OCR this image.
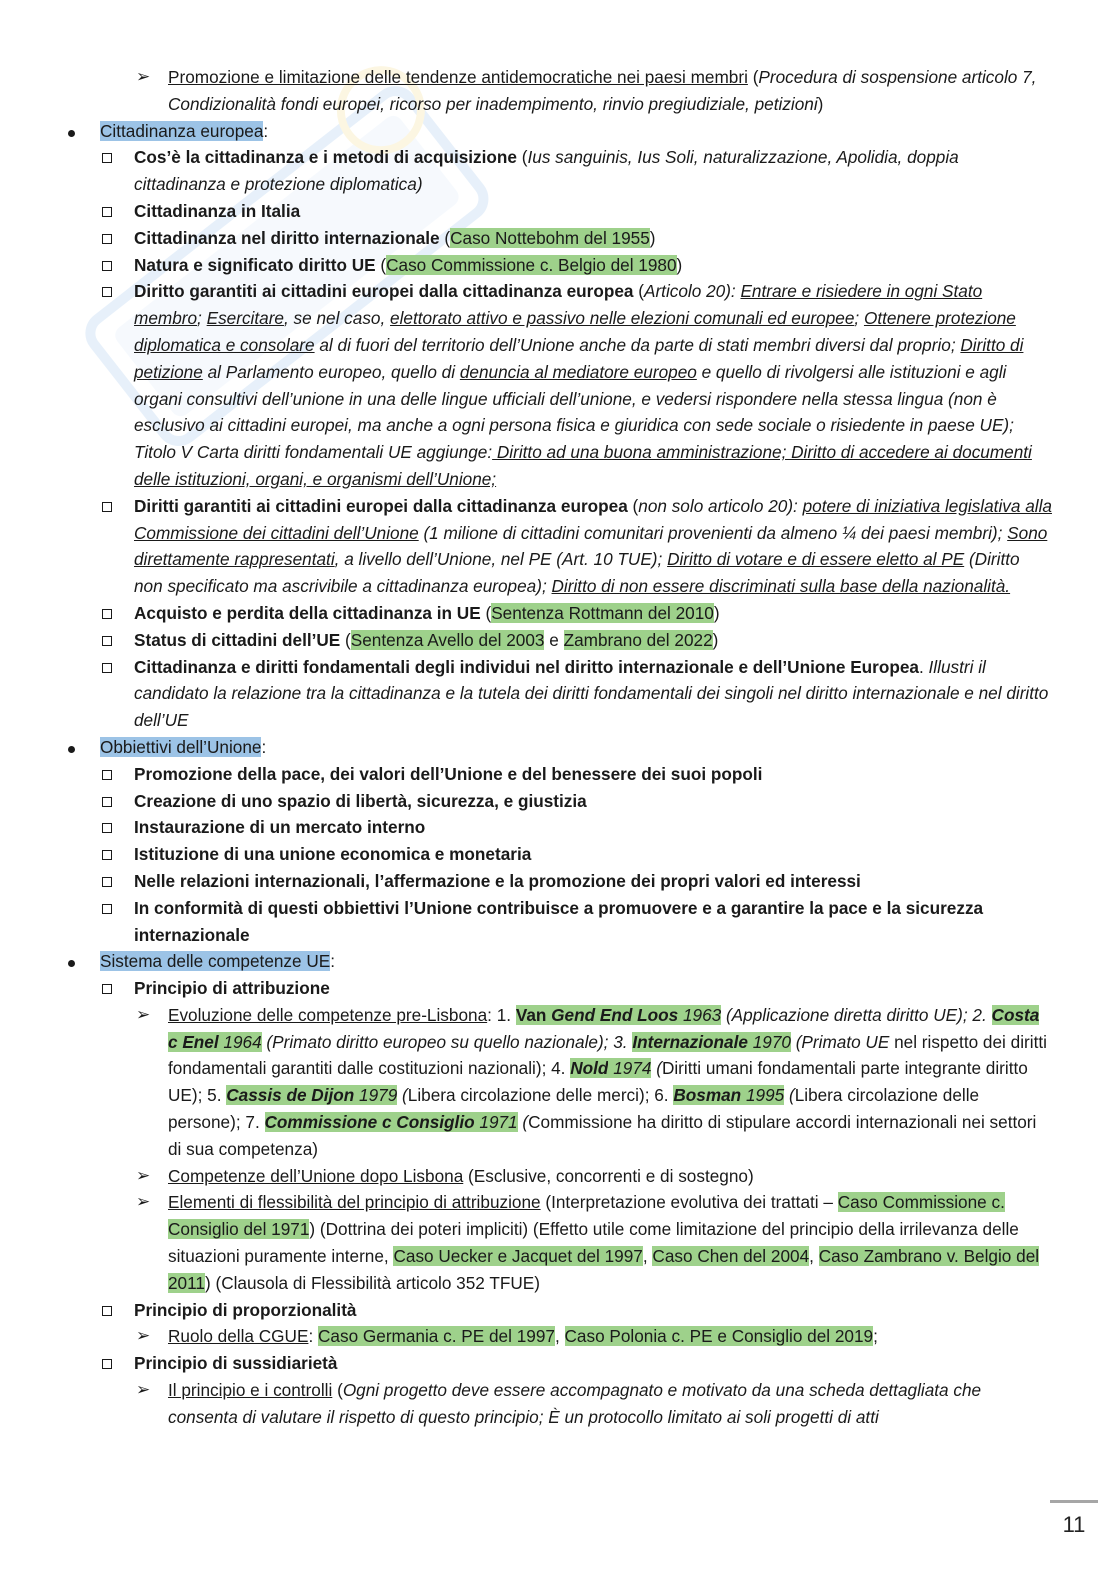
➢ Promozione e limitazione delle tendenze antidemocratiche nei paesi membri (Procedura di sospensione articolo 7, Condizionalità fondi europei, ricorso per inadempimento, rinvio pregiudiziale, petizioni)
Cittadinanza europea:
Cos’è la cittadinanza e i metodi di acquisizione (Ius sanguinis, Ius Soli, naturalizzazione, Apolidia, doppia cittadinanza e protezione diplomatica)
Cittadinanza in Italia
Cittadinanza nel diritto internazionale (Caso Nottebohm del 1955)
Natura e significato diritto UE (Caso Commissione c. Belgio del 1980)
Diritto garantiti ai cittadini europei dalla cittadinanza europea (Articolo 20): Entrare e risiedere in ogni Stato membro; Esercitare, se nel caso, elettorato attivo e passivo nelle elezioni comunali ed europee; Ottenere protezione diplomatica e consolare al di fuori del territorio dell’Unione anche da parte di stati membri diversi dal proprio; Diritto di petizione al Parlamento europeo, quello di denuncia al mediatore europeo e quello di rivolgersi alle istituzioni e agli organi consultivi dell’unione in una delle lingue ufficiali dell’unione, e vedersi rispondere nella stessa lingua (non è esclusivo ai cittadini europei, ma anche a ogni persona fisica e giuridica con sede sociale o risiedente in paese UE); Titolo V Carta diritti fondamentali UE aggiunge: Diritto ad una buona amministrazione; Diritto di accedere ai documenti delle istituzioni, organi, e organismi dell’Unione;
Diritti garantiti ai cittadini europei dalla cittadinanza europea (non solo articolo 20): potere di iniziativa legislativa alla Commissione dei cittadini dell’Unione (1 milione di cittadini comunitari provenienti da almeno ¼ dei paesi membri); Sono direttamente rappresentati, a livello dell’Unione, nel PE (Art. 10 TUE); Diritto di votare e di essere eletto al PE (Diritto non specificato ma ascrivibile a cittadinanza europea); Diritto di non essere discriminati sulla base della nazionalità.
Acquisto e perdita della cittadinanza in UE (Sentenza Rottmann del 2010)
Status di cittadini dell’UE (Sentenza Avello del 2003 e Zambrano del 2022)
Cittadinanza e diritti fondamentali degli individui nel diritto internazionale e dell’Unione Europea. Illustri il candidato la relazione tra la cittadinanza e la tutela dei diritti fondamentali dei singoli nel diritto internazionale e nel diritto dell’UE
Obbiettivi dell’Unione:
Promozione della pace, dei valori dell’Unione e del benessere dei suoi popoli
Creazione di uno spazio di libertà, sicurezza, e giustizia
Instaurazione di un mercato interno
Istituzione di una unione economica e monetaria
Nelle relazioni internazionali, l’affermazione e la promozione dei propri valori ed interessi
In conformità di questi obbiettivi l’Unione contribuisce a promuovere e a garantire la pace e la sicurezza internazionale
Sistema delle competenze UE:
Principio di attribuzione
➢ Evoluzione delle competenze pre-Lisbona: 1. Van Gend End Loos 1963 (Applicazione diretta diritto UE); 2. Costa c Enel 1964 (Primato diritto europeo su quello nazionale); 3. Internazionale 1970 (Primato UE nel rispetto dei diritti fondamentali garantiti dalle costituzioni nazionali); 4. Nold 1974 (Diritti umani fondamentali parte integrante diritto UE); 5. Cassis de Dijon 1979 (Libera circolazione delle merci); 6. Bosman 1995 (Libera circolazione delle persone); 7. Commissione c Consiglio 1971 (Commissione ha diritto di stipulare accordi internazionali nei settori di sua competenza)
➢ Competenze dell’Unione dopo Lisbona (Esclusive, concorrenti e di sostegno)
➢ Elementi di flessibilità del principio di attribuzione (Interpretazione evolutiva dei trattati – Caso Commissione c. Consiglio del 1971) (Dottrina dei poteri impliciti) (Effetto utile come limitazione del principio della irrilevanza delle situazioni puramente interne, Caso Uecker e Jacquet del 1997, Caso Chen del 2004, Caso Zambrano v. Belgio del 2011) (Clausola di Flessibilità articolo 352 TFUE)
Principio di proporzionalità
➢ Ruolo della CGUE: Caso Germania c. PE del 1997, Caso Polonia c. PE e Consiglio del 2019;
Principio di sussidiarietà
➢ Il principio e i controlli (Ogni progetto deve essere accompagnato e motivato da una scheda dettagliata che consenta di valutare il rispetto di questo principio; È un protocollo limitato ai soli progetti di atti
11
